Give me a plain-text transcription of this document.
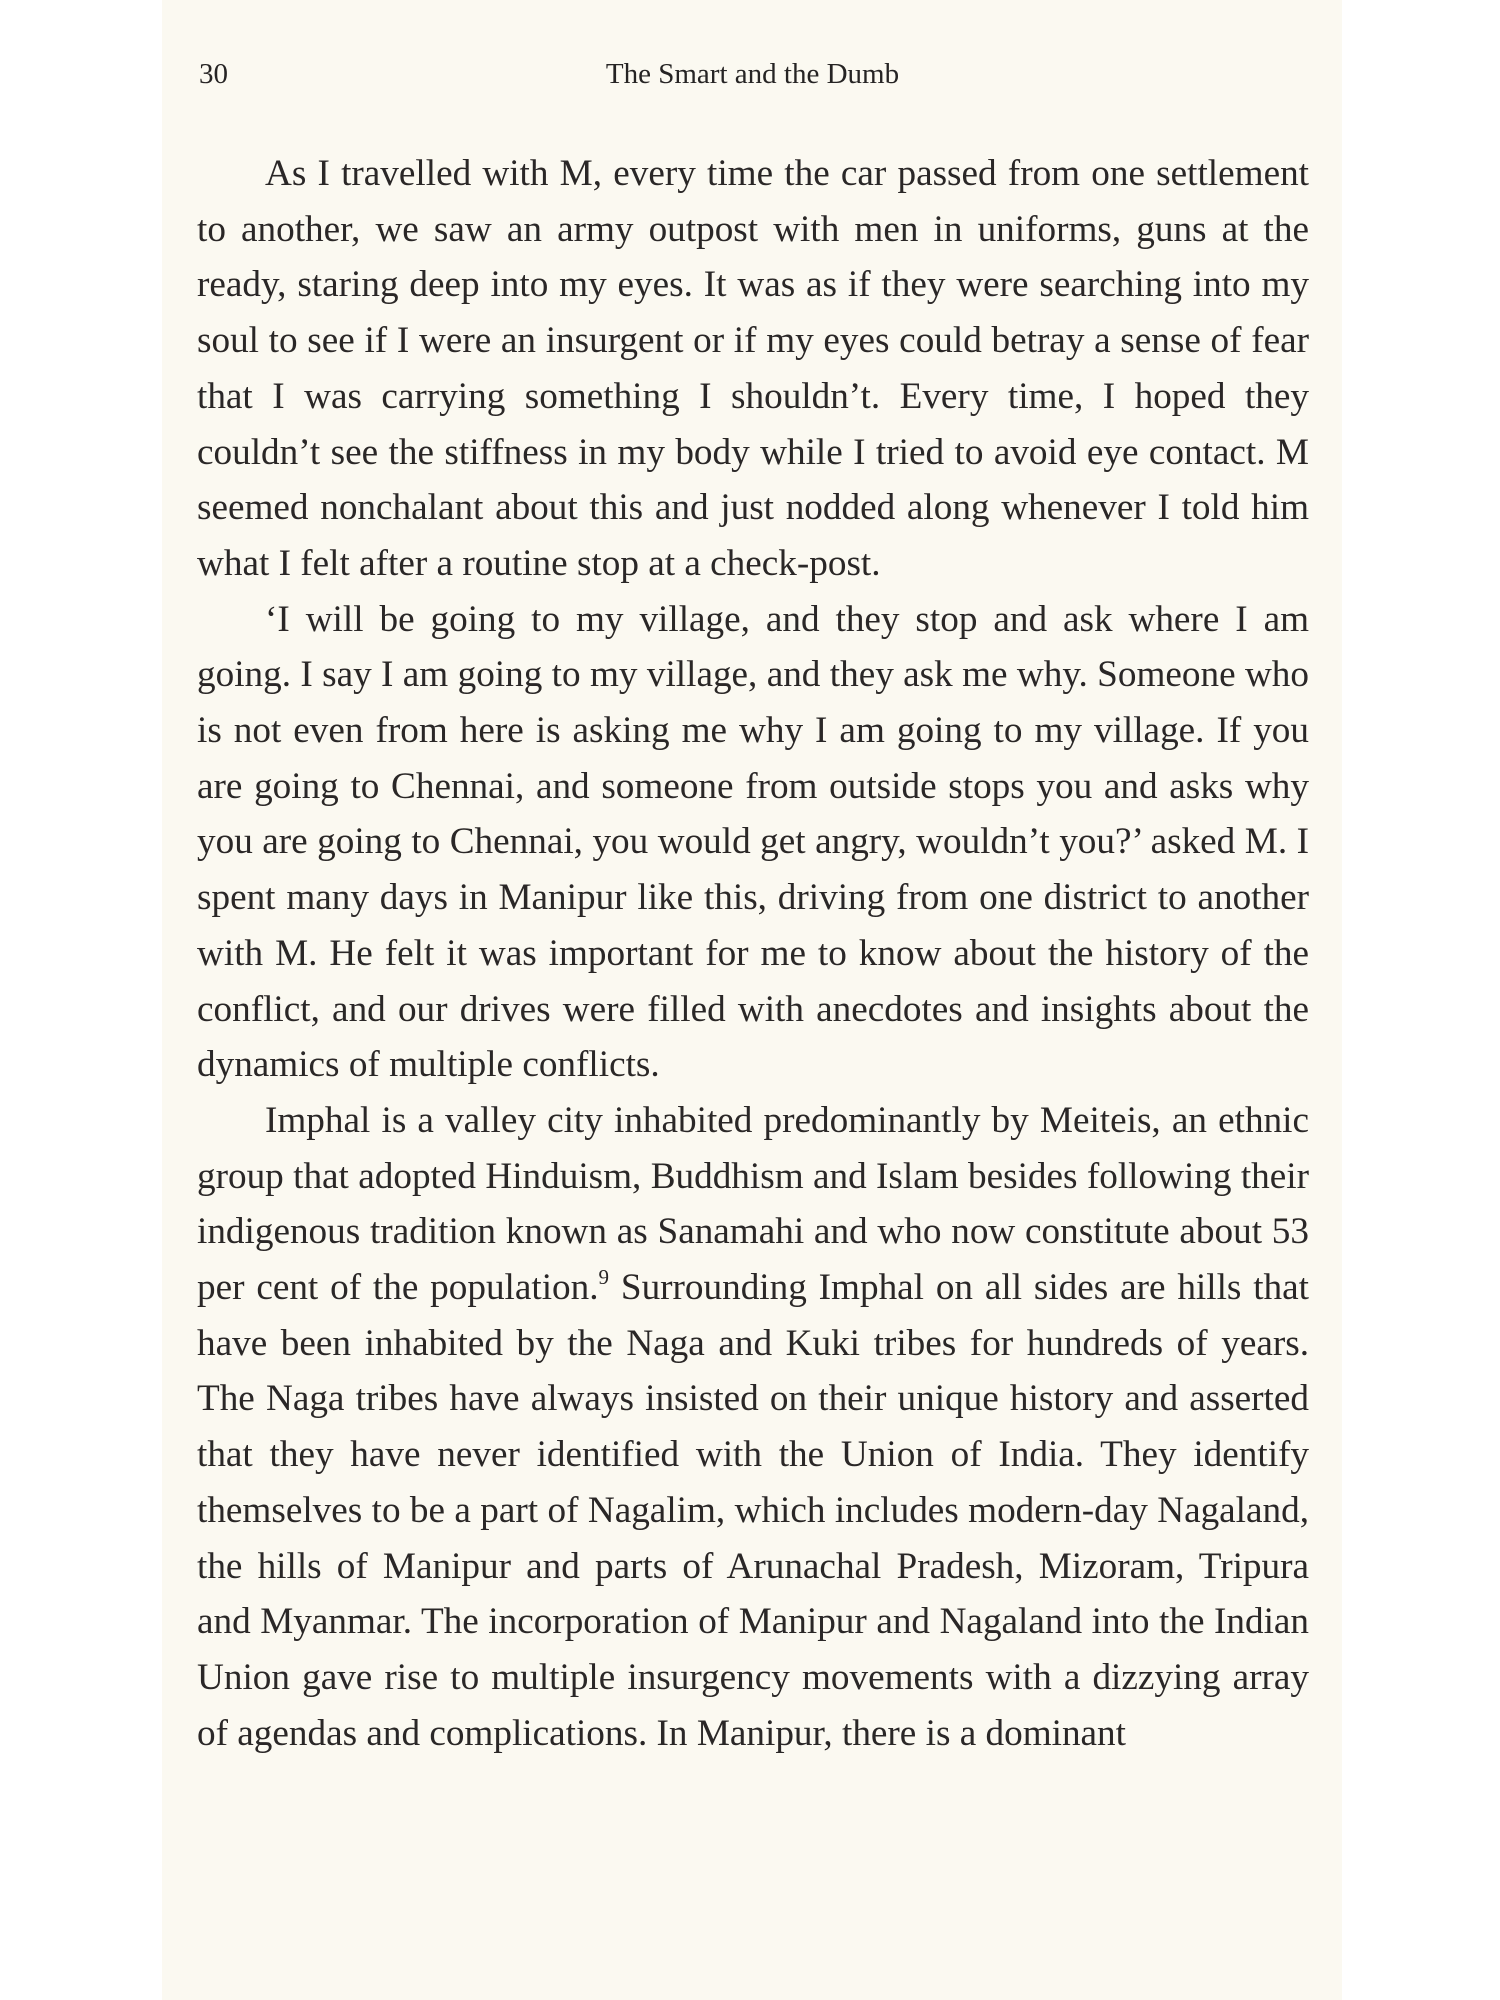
30	The Smart and the Dumb

As I travelled with M, every time the car passed from one settlement to another, we saw an army outpost with men in uniforms, guns at the ready, staring deep into my eyes. It was as if they were searching into my soul to see if I were an insurgent or if my eyes could betray a sense of fear that I was carrying something I shouldn’t. Every time, I hoped they couldn’t see the stiffness in my body while I tried to avoid eye contact. M seemed nonchalant about this and just nodded along whenever I told him what I felt after a routine stop at a check-post.

‘I will be going to my village, and they stop and ask where I am going. I say I am going to my village, and they ask me why. Someone who is not even from here is asking me why I am going to my village. If you are going to Chennai, and someone from outside stops you and asks why you are going to Chennai, you would get angry, wouldn’t you?’ asked M. I spent many days in Manipur like this, driving from one district to another with M. He felt it was important for me to know about the history of the conflict, and our drives were filled with anecdotes and insights about the dynamics of multiple conflicts.

Imphal is a valley city inhabited predominantly by Meiteis, an ethnic group that adopted Hinduism, Buddhism and Islam besides following their indigenous tradition known as Sanamahi and who now constitute about 53 per cent of the population.$^9$ Surrounding Imphal on all sides are hills that have been inhabited by the Naga and Kuki tribes for hundreds of years. The Naga tribes have always insisted on their unique history and asserted that they have never identified with the Union of India. They identify themselves to be a part of Nagalim, which includes modern-day Nagaland, the hills of Manipur and parts of Arunachal Pradesh, Mizoram, Tripura and Myanmar. The incorporation of Manipur and Nagaland into the Indian Union gave rise to multiple insurgency movements with a dizzying array of agendas and complications. In Manipur, there is a dominant
